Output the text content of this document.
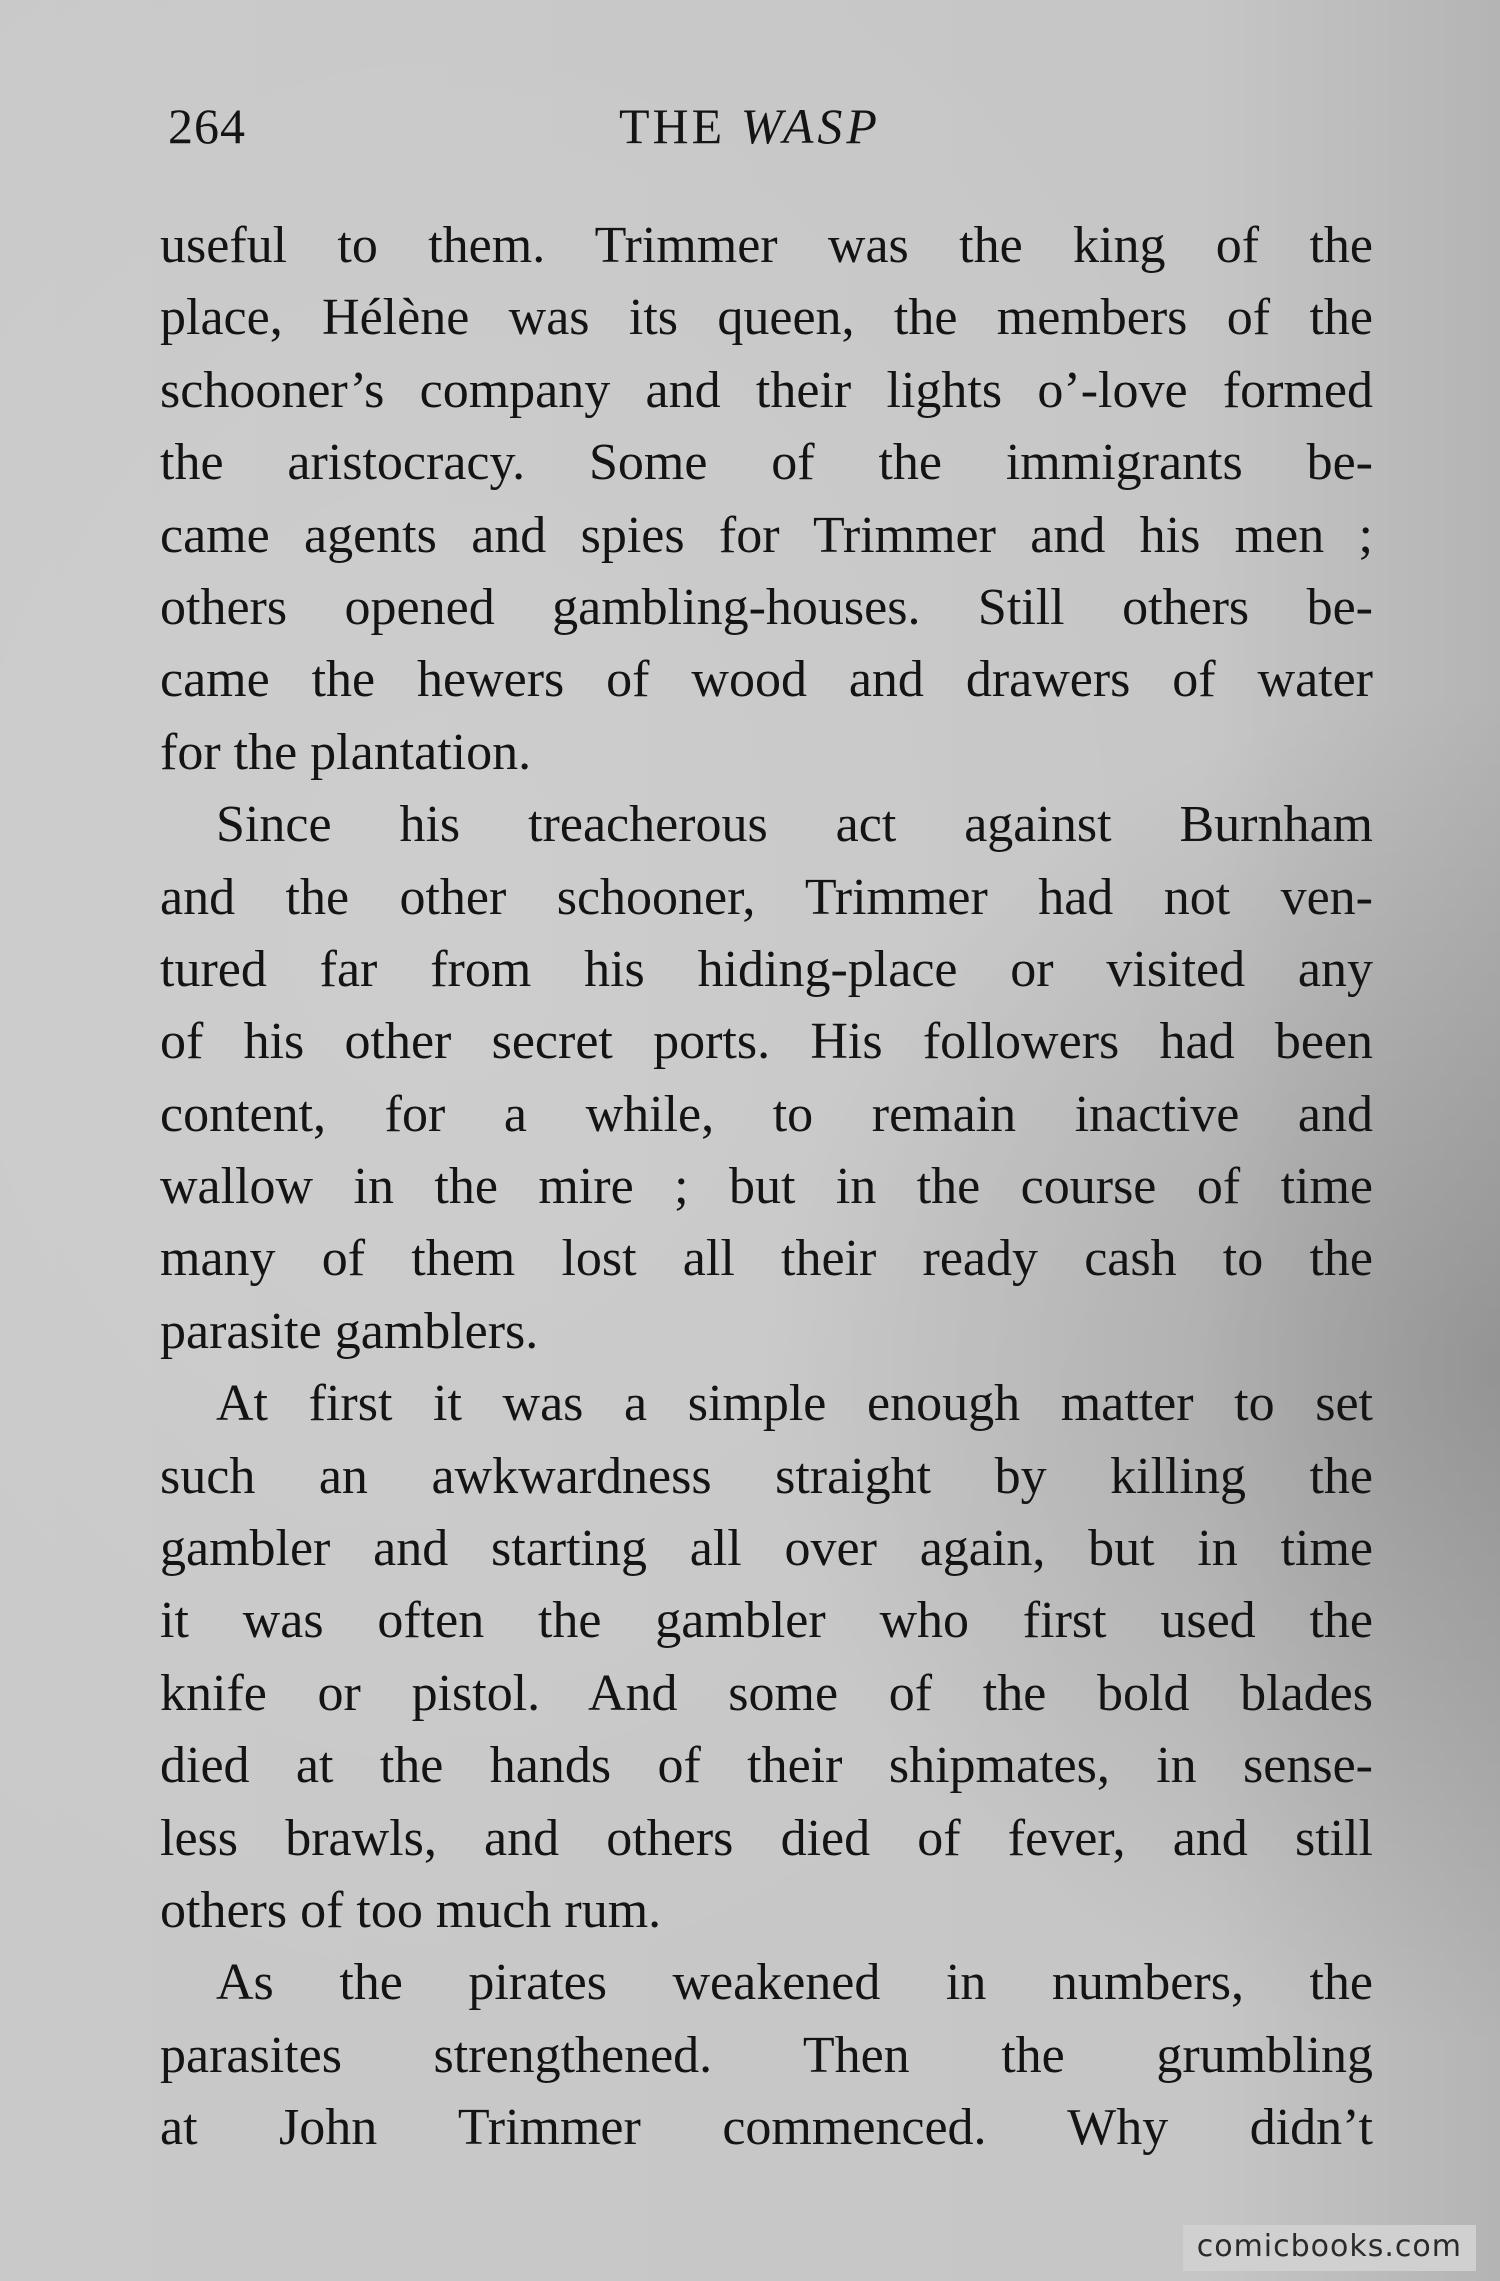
264	THE WASP
useful to them. Trimmer was the king of the
place, Hélène was its queen, the members of the
schooner’s company and their lights o’-love formed
the aristocracy. Some of the immigrants be-
came agents and spies for Trimmer and his men ;
others opened gambling-houses. Still others be-
came the hewers of wood and drawers of water
for the plantation.
Since his treacherous act against Burnham
and the other schooner, Trimmer had not ven-
tured far from his hiding-place or visited any
of his other secret ports. His followers had been
content, for a while, to remain inactive and
wallow in the mire ; but in the course of time
many of them lost all their ready cash to the
parasite gamblers.
At first it was a simple enough matter to set
such an awkwardness straight by killing the
gambler and starting all over again, but in time
it was often the gambler who first used the
knife or pistol. And some of the bold blades
died at the hands of their shipmates, in sense-
less brawls, and others died of fever, and still
others of too much rum.
As the pirates weakened in numbers, the
parasites strengthened. Then the grumbling
at John Trimmer commenced. Why didn’t
comicbooks.com
